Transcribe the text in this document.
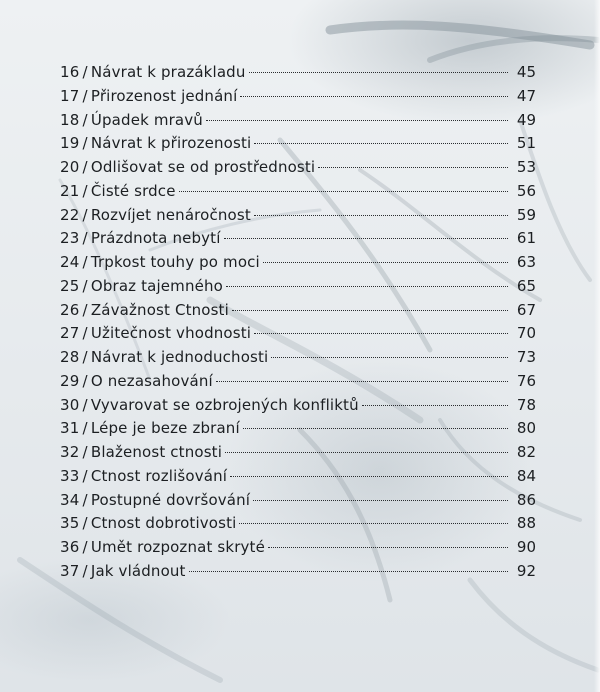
16 / Návrat k prazákladu	45
17 / Přirozenost jednání	47
18 / Úpadek mravů	49
19 / Návrat k přirozenosti	51
20 / Odlišovat se od prostřednosti	53
21 / Čisté srdce	56
22 / Rozvíjet nenáročnost	59
23 / Prázdnota nebytí	61
24 / Trpkost touhy po moci	63
25 / Obraz tajemného	65
26 / Závažnost Ctnosti	67
27 / Užitečnost vhodnosti	70
28 / Návrat k jednoduchosti	73
29 / O nezasahování	76
30 / Vyvarovat se ozbrojených konfliktů	78
31 / Lépe je beze zbraní	80
32 / Blaženost ctnosti	82
33 / Ctnost rozlišování	84
34 / Postupné dovršování	86
35 / Ctnost dobrotivosti	88
36 / Umět rozpoznat skryté	90
37 / Jak vládnout	92
